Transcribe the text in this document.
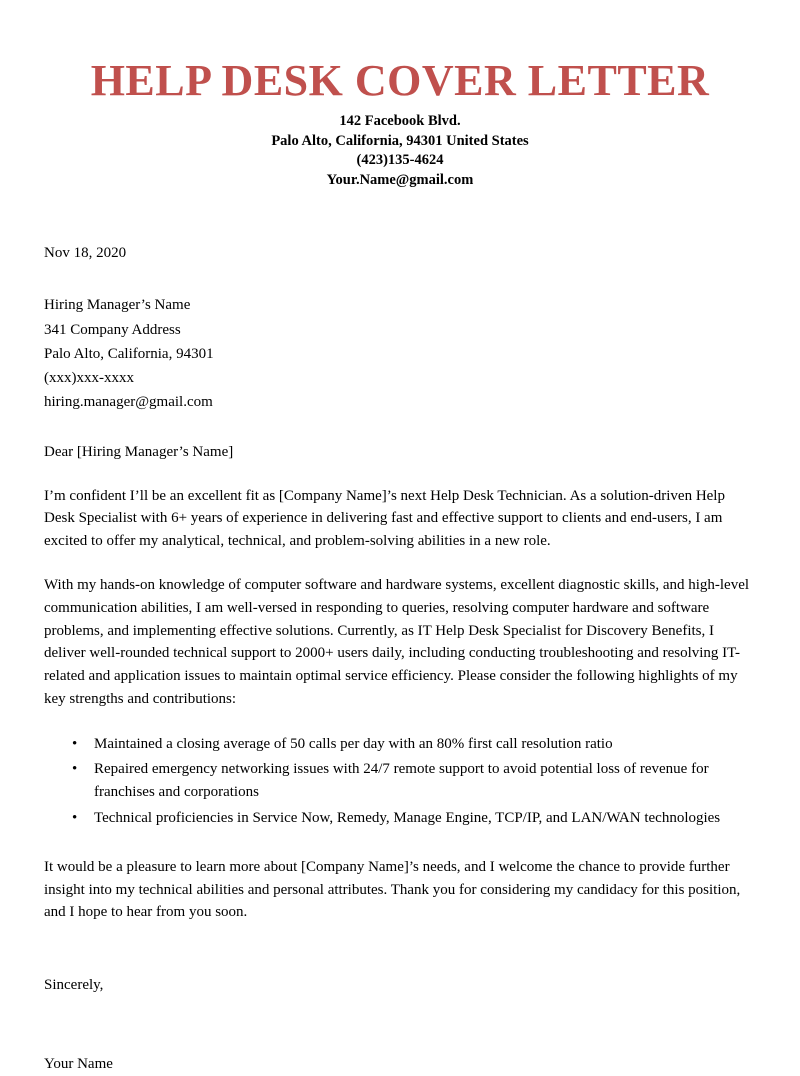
HELP DESK COVER LETTER
142 Facebook Blvd.
Palo Alto, California, 94301 United States
(423)135-4624
Your.Name@gmail.com
Nov 18, 2020
Hiring Manager’s Name
341 Company Address
Palo Alto, California, 94301
(xxx)xxx-xxxx
hiring.manager@gmail.com
Dear [Hiring Manager’s Name]

I’m confident I’ll be an excellent fit as [Company Name]’s next Help Desk Technician. As a solution-driven Help Desk Specialist with 6+ years of experience in delivering fast and effective support to clients and end-users, I am excited to offer my analytical, technical, and problem-solving abilities in a new role.

With my hands-on knowledge of computer software and hardware systems, excellent diagnostic skills, and high-level communication abilities, I am well-versed in responding to queries, resolving computer hardware and software problems, and implementing effective solutions. Currently, as IT Help Desk Specialist for Discovery Benefits, I deliver well-rounded technical support to 2000+ users daily, including conducting troubleshooting and resolving IT-related and application issues to maintain optimal service efficiency. Please consider the following highlights of my key strengths and contributions:

• Maintained a closing average of 50 calls per day with an 80% first call resolution ratio
• Repaired emergency networking issues with 24/7 remote support to avoid potential loss of revenue for franchises and corporations
• Technical proficiencies in Service Now, Remedy, Manage Engine, TCP/IP, and LAN/WAN technologies

It would be a pleasure to learn more about [Company Name]’s needs, and I welcome the chance to provide further insight into my technical abilities and personal attributes. Thank you for considering my candidacy for this position, and I hope to hear from you soon.

Sincerely,
Your Name
